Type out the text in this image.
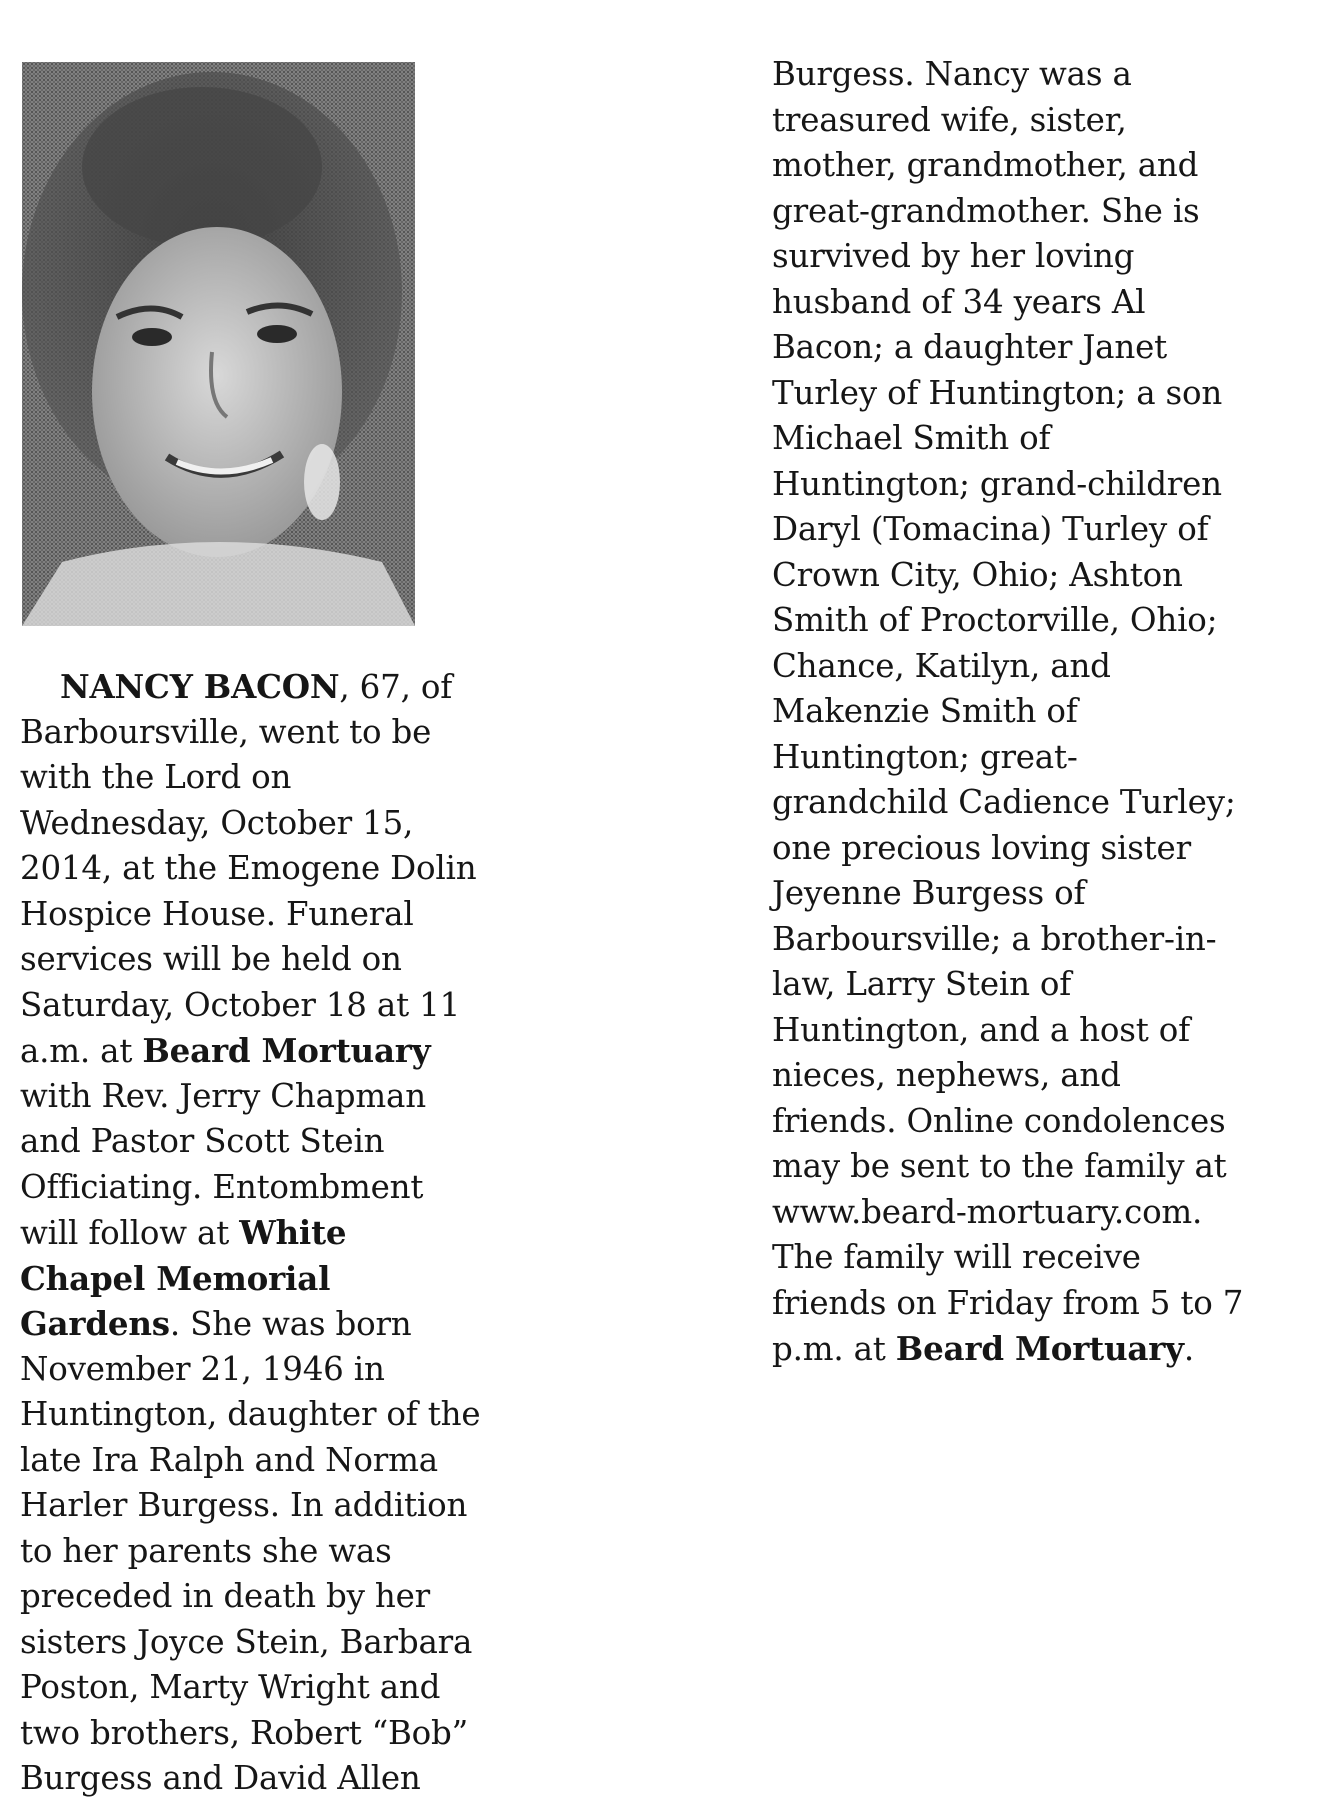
NANCY BACON, 67, of
Barboursville, went to be
with the Lord on
Wednesday, October 15,
2014, at the Emogene Dolin
Hospice House. Funeral
services will be held on
Saturday, October 18 at 11
a.m. at Beard Mortuary
with Rev. Jerry Chapman
and Pastor Scott Stein
Officiating. Entombment
will follow at White
Chapel Memorial
Gardens. She was born
November 21, 1946 in
Huntington, daughter of the
late Ira Ralph and Norma
Harler Burgess. In addition
to her parents she was
preceded in death by her
sisters Joyce Stein, Barbara
Poston, Marty Wright and
two brothers, Robert “Bob”
Burgess and David Allen
Burgess. Nancy was a
treasured wife, sister,
mother, grandmother, and
great-grandmother. She is
survived by her loving
husband of 34 years Al
Bacon; a daughter Janet
Turley of Huntington; a son
Michael Smith of
Huntington; grand-children
Daryl (Tomacina) Turley of
Crown City, Ohio; Ashton
Smith of Proctorville, Ohio;
Chance, Katilyn, and
Makenzie Smith of
Huntington; great-
grandchild Cadience Turley;
one precious loving sister
Jeyenne Burgess of
Barboursville; a brother-in-
law, Larry Stein of
Huntington, and a host of
nieces, nephews, and
friends. Online condolences
may be sent to the family at
www.beard-mortuary.com.
The family will receive
friends on Friday from 5 to 7
p.m. at Beard Mortuary.
